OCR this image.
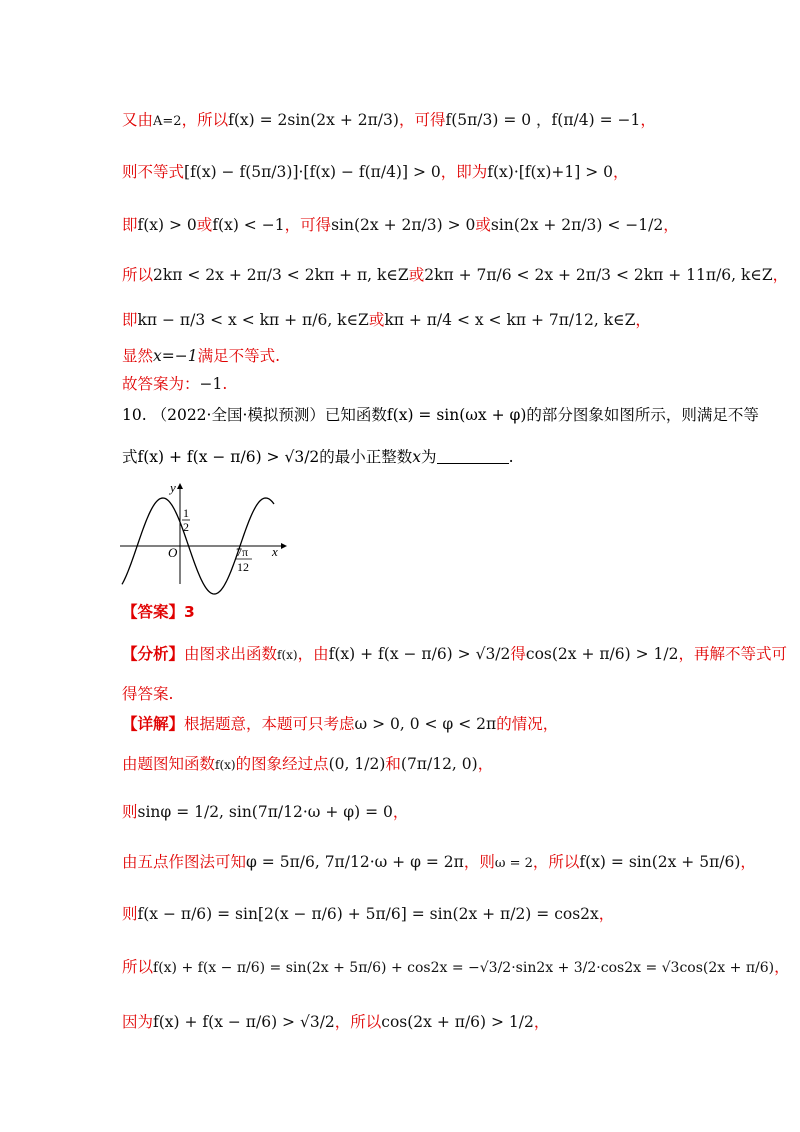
又由A=2，所以f(x) = 2sin(2x + 2π/3)，可得f(5π/3) = 0 ，f(π/4) = −1，
则不等式[f(x) − f(5π/3)]·[f(x) − f(π/4)] > 0，即为f(x)·[f(x)+1] > 0，
即f(x) > 0或f(x) < −1，可得sin(2x + 2π/3) > 0或sin(2x + 2π/3) < −1/2，
所以2kπ < 2x + 2π/3 < 2kπ + π, k∈Z或2kπ + 7π/6 < 2x + 2π/3 < 2kπ + 11π/6, k∈Z，
即kπ − π/3 < x < kπ + π/6, k∈Z或kπ + π/4 < x < kπ + 7π/12, k∈Z，
显然x=−1满足不等式.
故答案为：−1.
10. （2022·全国·模拟预测）已知函数f(x) = sin(ωx + φ)的部分图象如图所示，则满足不等
式f(x) + f(x − π/6) > √3/2的最小正整数x为	.
y
x
O
1
2
7π
12
【答案】3
【分析】由图求出函数f(x)，由f(x) + f(x − π/6) > √3/2得cos(2x + π/6) > 1/2，再解不等式可
得答案.
【详解】根据题意，本题可只考虑ω > 0, 0 < φ < 2π的情况，
由题图知函数f(x)的图象经过点(0, 1/2)和(7π/12, 0)，
则sinφ = 1/2, sin(7π/12·ω + φ) = 0，
由五点作图法可知φ = 5π/6, 7π/12·ω + φ = 2π，则ω = 2，所以f(x) = sin(2x + 5π/6)，
则f(x − π/6) = sin[2(x − π/6) + 5π/6] = sin(2x + π/2) = cos2x，
所以f(x) + f(x − π/6) = sin(2x + 5π/6) + cos2x = −√3/2·sin2x + 3/2·cos2x = √3cos(2x + π/6)，
因为f(x) + f(x − π/6) > √3/2，所以cos(2x + π/6) > 1/2，
